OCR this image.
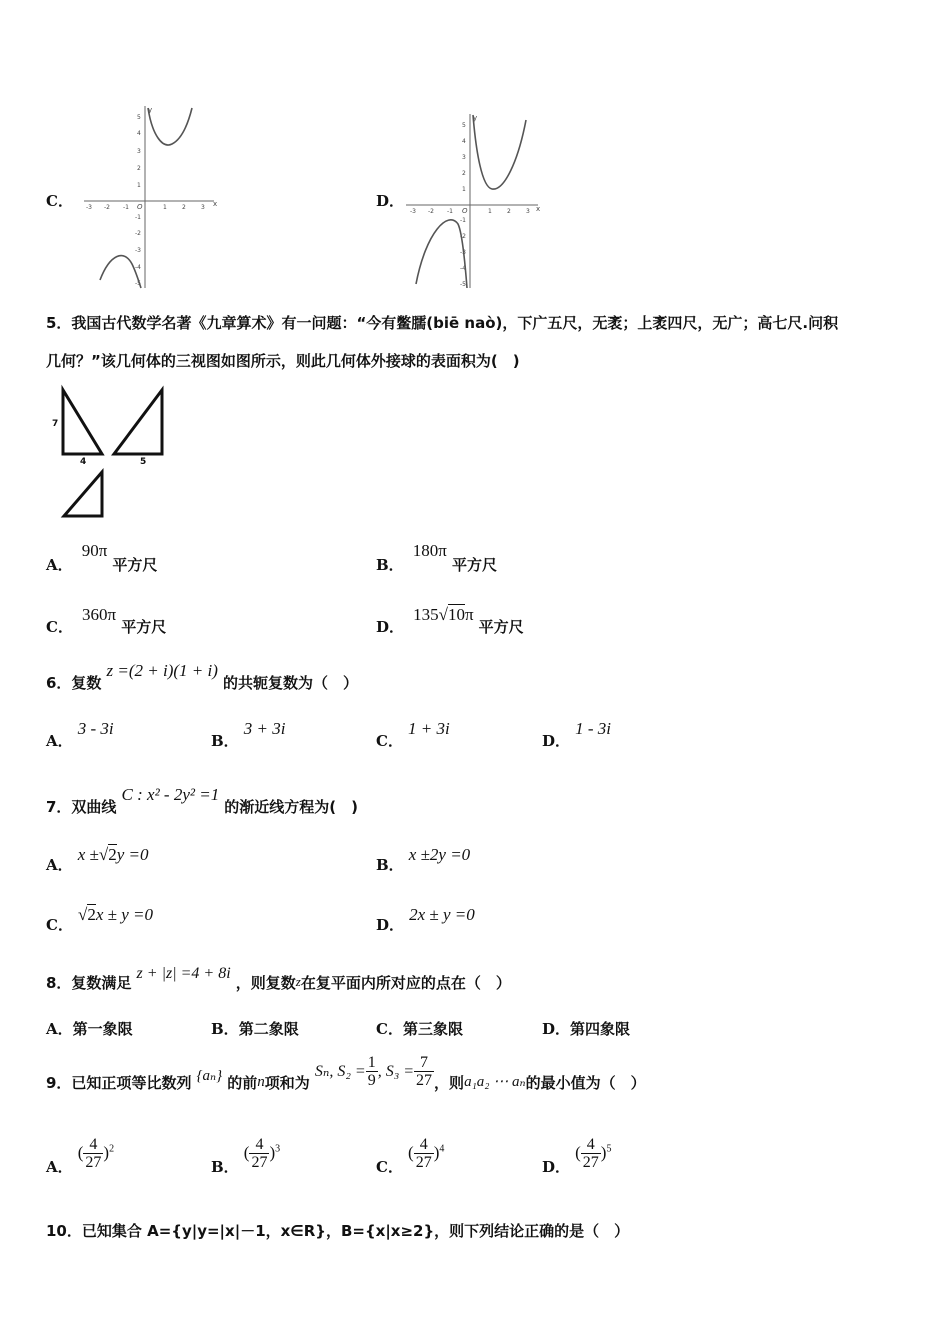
C．	x
y
O
-3 -2 -1	1	2	3
1
2
3
4
5
-1
-2
-3
-4
-5
D．	x
y
O
-3 -2 -1	1	2	3
1
2
3
4
5
-1
-2
-3
-4
-5
5．我国古代数学名著《九章算术》有一问题：“今有鳖臑(biē naò)，下广五尺，无袤；上袤四尺，无广；高七尺.问积
几何？”该几何体的三视图如图所示，则此几何体外接球的表面积为(　)
7
4	5
A． 90π 平方尺	B． 180π 平方尺
C． 360π 平方尺	D． 135√10π 平方尺
6．复数 z =(2 + i)(1 + i) 的共轭复数为（　）
A． 3 - 3i
B． 3 + 3i
C． 1 + 3i
D． 1 - 3i
7．双曲线 C : x² - 2y² =1 的渐近线方程为(　)
A． x ±√2y =0
B． x ±2y =0
C． √2x ± y =0
D． 2x ± y =0
8．复数满足 z + |z| =4 + 8i ，则复数$_z$在复平面内所对应的点在（　）
A．第一象限	B．第二象限	C．第三象限	D．第四象限
9．已知正项等比数列 {aₙ} 的前n项和为 Sₙ, $S_2 = \frac{1}{9}$ , $S_3 = \frac{7}{27}$ ，则a₁a₂ ⋯ aₙ的最小值为（　）
A． ( $\frac{4}{27} )^2$
B． ( $\frac{4}{27} )^3$
C． ( $\frac{4}{27} )^4$
D． ( $\frac{4}{27} )^5$
10．已知集合 A={y|y=|x|－1，x∈R}，B={x|x≥2}，则下列结论正确的是（　）
